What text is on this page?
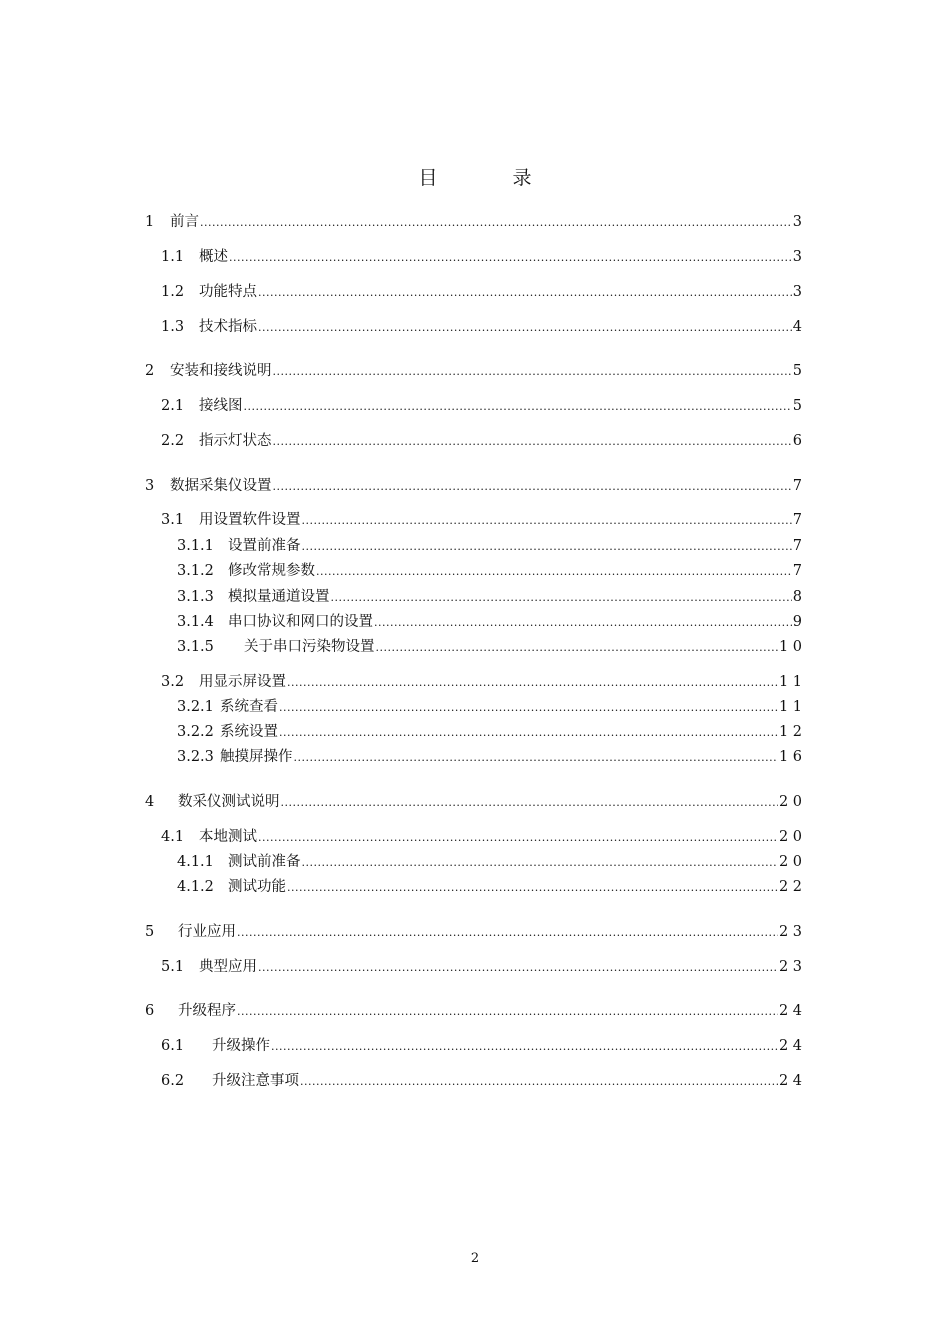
目　录
1	前言 .....	3
1.1	概述 .....	3
1.2	功能特点 .....	3
1.3	技术指标 .....	4
2	安装和接线说明 .....	5
2.1	接线图 .....	5
2.2	指示灯状态 .....	6
3	数据采集仪设置 .....	7
3.1	用设置软件设置 .....	7
3.1.1 设置前准备 .....	7
3.1.2 修改常规参数 .....	7
3.1.3 模拟量通道设置 .....	8
3.1.4 串口协议和网口的设置 .....	9
3.1.5	关于串口污染物设置 .....	1 0
3.2	用显示屏设置 .....	1 1
3.2.1 系统查看 .....	1 1
3.2.2 系统设置 .....	1 2
3.2.3 触摸屏操作 .....	1 6
4	数采仪测试说明 .....	2 0
4.1	本地测试 .....	2 0
4.1.1 测试前准备 .....	2 0
4.1.2 测试功能 .....	2 2
5	行业应用 .....	2 3
5.1	典型应用 .....	2 3
6	升级程序 .....	2 4
6.1	升级操作 .....	2 4
6.2	升级注意事项 .....	2 4
2
